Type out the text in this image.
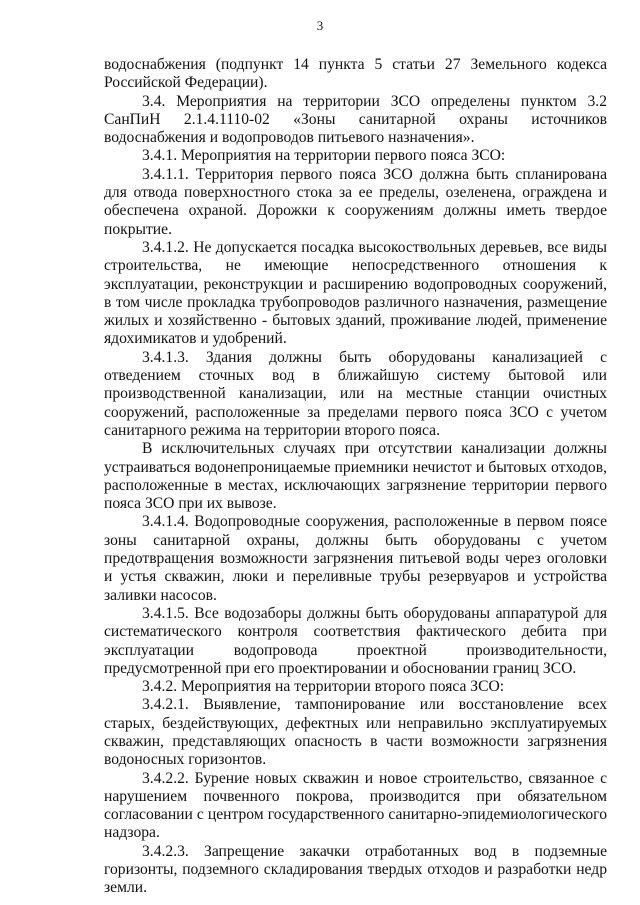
3

водоснабжения (подпункт 14 пункта 5 статьи 27 Земельного кодекса Российской Федерации).

3.4. Мероприятия на территории ЗСО определены пунктом 3.2 СанПиН 2.1.4.1110-02 «Зоны санитарной охраны источников водоснабжения и водопроводов питьевого назначения».

3.4.1. Мероприятия на территории первого пояса ЗСО:

3.4.1.1. Территория первого пояса ЗСО должна быть спланирована для отвода поверхностного стока за ее пределы, озеленена, ограждена и обеспечена охраной. Дорожки к сооружениям должны иметь твердое покрытие.

3.4.1.2. Не допускается посадка высокоствольных деревьев, все виды строительства, не имеющие непосредственного отношения к эксплуатации, реконструкции и расширению водопроводных сооружений, в том числе прокладка трубопроводов различного назначения, размещение жилых и хозяйственно - бытовых зданий, проживание людей, применение ядохимикатов и удобрений.

3.4.1.3. Здания должны быть оборудованы канализацией с отведением сточных вод в ближайшую систему бытовой или производственной канализации, или на местные станции очистных сооружений, расположенные за пределами первого пояса ЗСО с учетом санитарного режима на территории второго пояса.

В исключительных случаях при отсутствии канализации должны устраиваться водонепроницаемые приемники нечистот и бытовых отходов, расположенные в местах, исключающих загрязнение территории первого пояса ЗСО при их вывозе.

3.4.1.4. Водопроводные сооружения, расположенные в первом поясе зоны санитарной охраны, должны быть оборудованы с учетом предотвращения возможности загрязнения питьевой воды через оголовки и устья скважин, люки и переливные трубы резервуаров и устройства заливки насосов.

3.4.1.5. Все водозаборы должны быть оборудованы аппаратурой для систематического контроля соответствия фактического дебита при эксплуатации водопровода проектной производительности, предусмотренной при его проектировании и обосновании границ ЗСО.

3.4.2. Мероприятия на территории второго пояса ЗСО:

3.4.2.1. Выявление, тампонирование или восстановление всех старых, бездействующих, дефектных или неправильно эксплуатируемых скважин, представляющих опасность в части возможности загрязнения водоносных горизонтов.

3.4.2.2. Бурение новых скважин и новое строительство, связанное с нарушением почвенного покрова, производится при обязательном согласовании с центром государственного санитарно-эпидемиологического надзора.

3.4.2.3. Запрещение закачки отработанных вод в подземные горизонты, подземного складирования твердых отходов и разработки недр земли.
